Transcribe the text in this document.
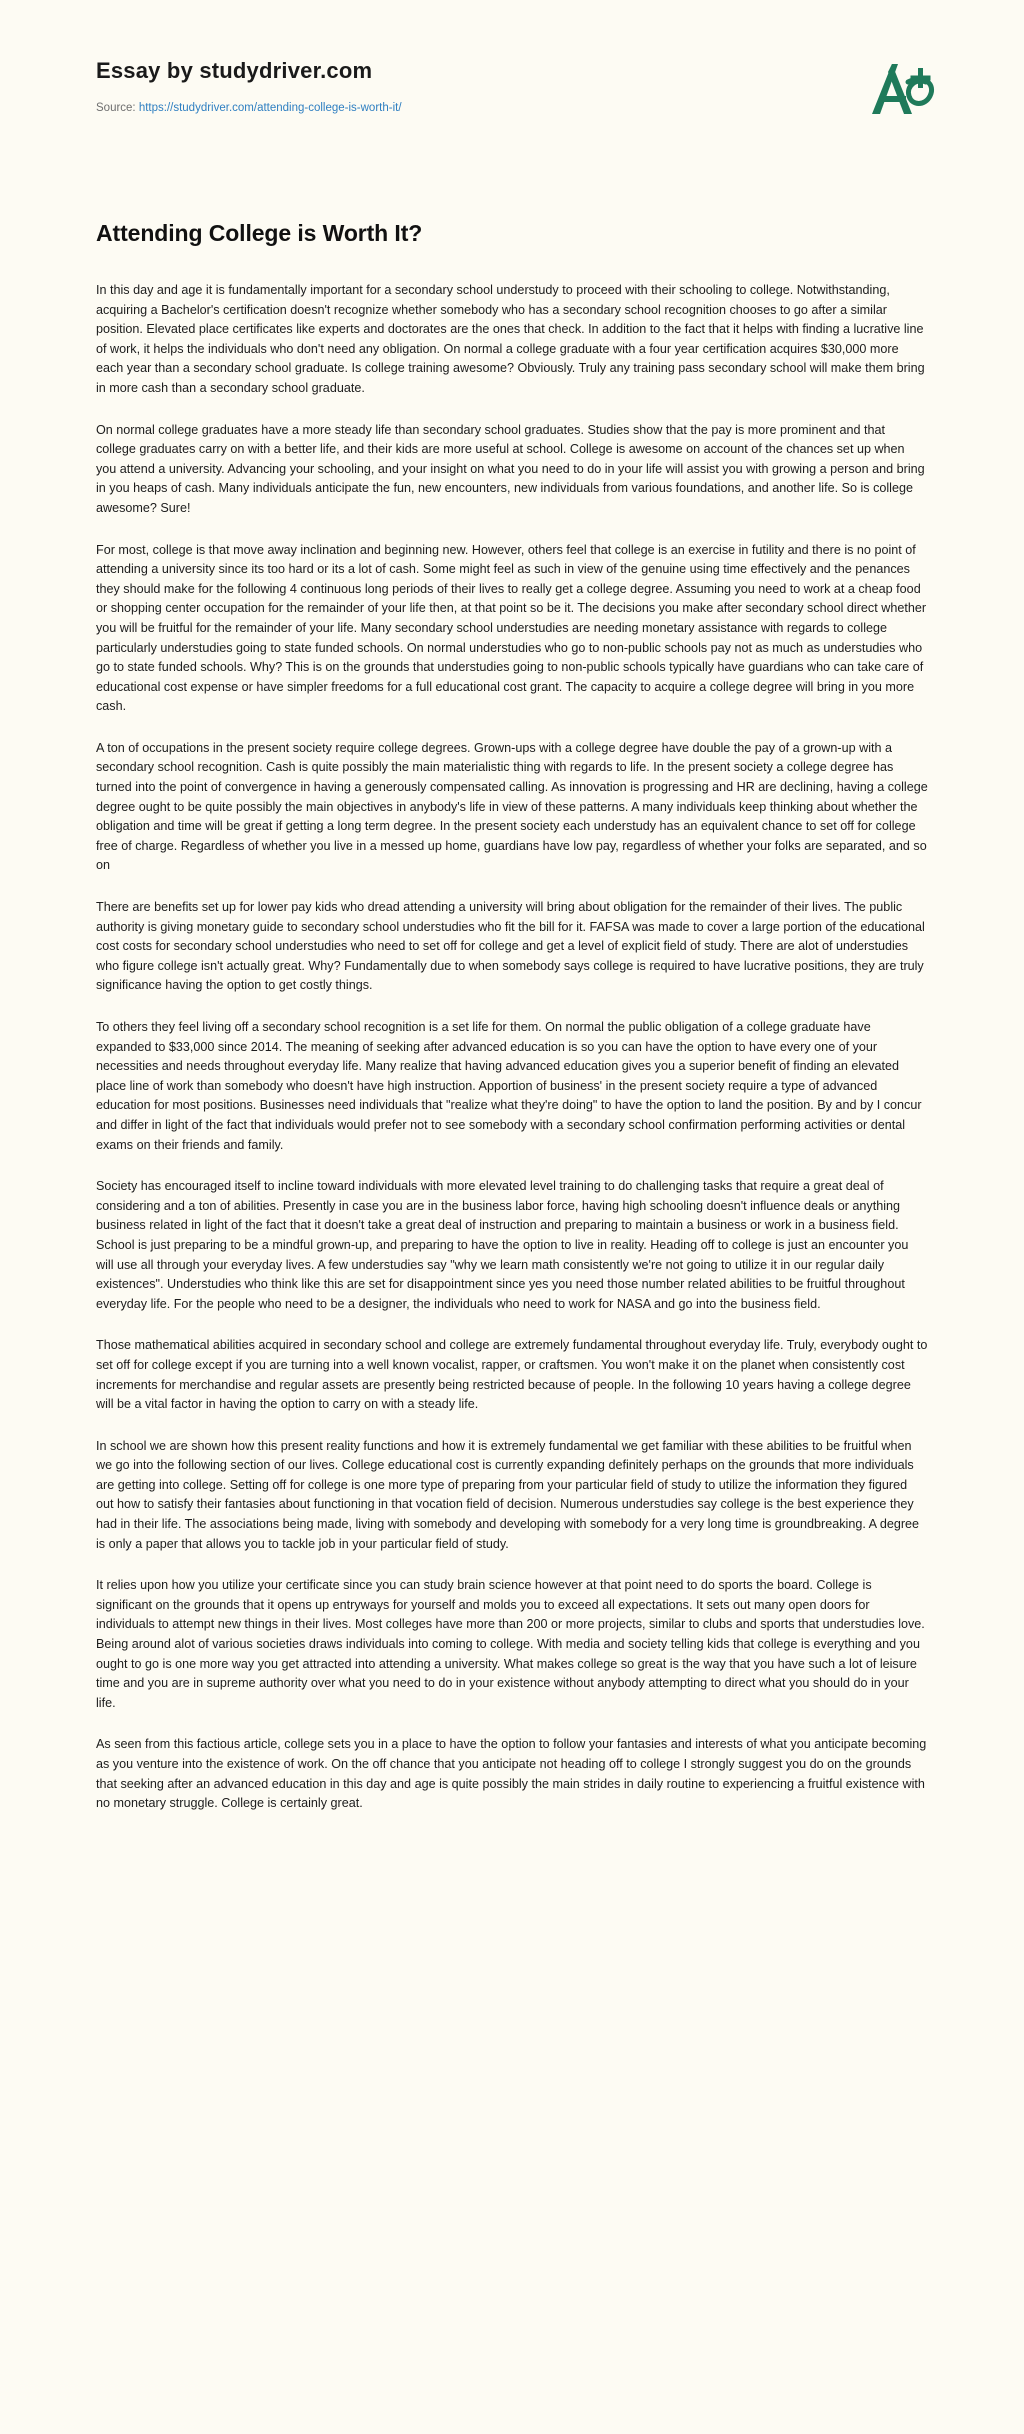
Essay by studydriver.com
Source: https://studydriver.com/attending-college-is-worth-it/
Attending College is Worth It?

In this day and age it is fundamentally important for a secondary school understudy to proceed with their schooling to college. Notwithstanding, acquiring a Bachelor's certification doesn't recognize whether somebody who has a secondary school recognition chooses to go after a similar position. Elevated place certificates like experts and doctorates are the ones that check. In addition to the fact that it helps with finding a lucrative line of work, it helps the individuals who don't need any obligation. On normal a college graduate with a four year certification acquires $30,000 more each year than a secondary school graduate. Is college training awesome? Obviously. Truly any training pass secondary school will make them bring in more cash than a secondary school graduate.

On normal college graduates have a more steady life than secondary school graduates. Studies show that the pay is more prominent and that college graduates carry on with a better life, and their kids are more useful at school. College is awesome on account of the chances set up when you attend a university. Advancing your schooling, and your insight on what you need to do in your life will assist you with growing a person and bring in you heaps of cash. Many individuals anticipate the fun, new encounters, new individuals from various foundations, and another life. So is college awesome? Sure!

For most, college is that move away inclination and beginning new. However, others feel that college is an exercise in futility and there is no point of attending a university since its too hard or its a lot of cash. Some might feel as such in view of the genuine using time effectively and the penances they should make for the following 4 continuous long periods of their lives to really get a college degree. Assuming you need to work at a cheap food or shopping center occupation for the remainder of your life then, at that point so be it. The decisions you make after secondary school direct whether you will be fruitful for the remainder of your life. Many secondary school understudies are needing monetary assistance with regards to college particularly understudies going to state funded schools. On normal understudies who go to non-public schools pay not as much as understudies who go to state funded schools. Why? This is on the grounds that understudies going to non-public schools typically have guardians who can take care of educational cost expense or have simpler freedoms for a full educational cost grant. The capacity to acquire a college degree will bring in you more cash.

A ton of occupations in the present society require college degrees. Grown-ups with a college degree have double the pay of a grown-up with a secondary school recognition. Cash is quite possibly the main materialistic thing with regards to life. In the present society a college degree has turned into the point of convergence in having a generously compensated calling. As innovation is progressing and HR are declining, having a college degree ought to be quite possibly the main objectives in anybody's life in view of these patterns. A many individuals keep thinking about whether the obligation and time will be great if getting a long term degree. In the present society each understudy has an equivalent chance to set off for college free of charge. Regardless of whether you live in a messed up home, guardians have low pay, regardless of whether your folks are separated, and so on

There are benefits set up for lower pay kids who dread attending a university will bring about obligation for the remainder of their lives. The public authority is giving monetary guide to secondary school understudies who fit the bill for it. FAFSA was made to cover a large portion of the educational cost costs for secondary school understudies who need to set off for college and get a level of explicit field of study. There are alot of understudies who figure college isn't actually great. Why? Fundamentally due to when somebody says college is required to have lucrative positions, they are truly significance having the option to get costly things.

To others they feel living off a secondary school recognition is a set life for them. On normal the public obligation of a college graduate have expanded to $33,000 since 2014. The meaning of seeking after advanced education is so you can have the option to have every one of your necessities and needs throughout everyday life. Many realize that having advanced education gives you a superior benefit of finding an elevated place line of work than somebody who doesn't have high instruction. Apportion of business' in the present society require a type of advanced education for most positions. Businesses need individuals that "realize what they're doing" to have the option to land the position. By and by I concur and differ in light of the fact that individuals would prefer not to see somebody with a secondary school confirmation performing activities or dental exams on their friends and family.

Society has encouraged itself to incline toward individuals with more elevated level training to do challenging tasks that require a great deal of considering and a ton of abilities. Presently in case you are in the business labor force, having high schooling doesn't influence deals or anything business related in light of the fact that it doesn't take a great deal of instruction and preparing to maintain a business or work in a business field. School is just preparing to be a mindful grown-up, and preparing to have the option to live in reality. Heading off to college is just an encounter you will use all through your everyday lives. A few understudies say "why we learn math consistently we're not going to utilize it in our regular daily existences". Understudies who think like this are set for disappointment since yes you need those number related abilities to be fruitful throughout everyday life. For the people who need to be a designer, the individuals who need to work for NASA and go into the business field.

Those mathematical abilities acquired in secondary school and college are extremely fundamental throughout everyday life. Truly, everybody ought to set off for college except if you are turning into a well known vocalist, rapper, or craftsmen. You won't make it on the planet when consistently cost increments for merchandise and regular assets are presently being restricted because of people. In the following 10 years having a college degree will be a vital factor in having the option to carry on with a steady life.

In school we are shown how this present reality functions and how it is extremely fundamental we get familiar with these abilities to be fruitful when we go into the following section of our lives. College educational cost is currently expanding definitely perhaps on the grounds that more individuals are getting into college. Setting off for college is one more type of preparing from your particular field of study to utilize the information they figured out how to satisfy their fantasies about functioning in that vocation field of decision. Numerous understudies say college is the best experience they had in their life. The associations being made, living with somebody and developing with somebody for a very long time is groundbreaking. A degree is only a paper that allows you to tackle job in your particular field of study.

It relies upon how you utilize your certificate since you can study brain science however at that point need to do sports the board. College is significant on the grounds that it opens up entryways for yourself and molds you to exceed all expectations. It sets out many open doors for individuals to attempt new things in their lives. Most colleges have more than 200 or more projects, similar to clubs and sports that understudies love. Being around alot of various societies draws individuals into coming to college. With media and society telling kids that college is everything and you ought to go is one more way you get attracted into attending a university. What makes college so great is the way that you have such a lot of leisure time and you are in supreme authority over what you need to do in your existence without anybody attempting to direct what you should do in your life.

As seen from this factious article, college sets you in a place to have the option to follow your fantasies and interests of what you anticipate becoming as you venture into the existence of work. On the off chance that you anticipate not heading off to college I strongly suggest you do on the grounds that seeking after an advanced education in this day and age is quite possibly the main strides in daily routine to experiencing a fruitful existence with no monetary struggle. College is certainly great.
